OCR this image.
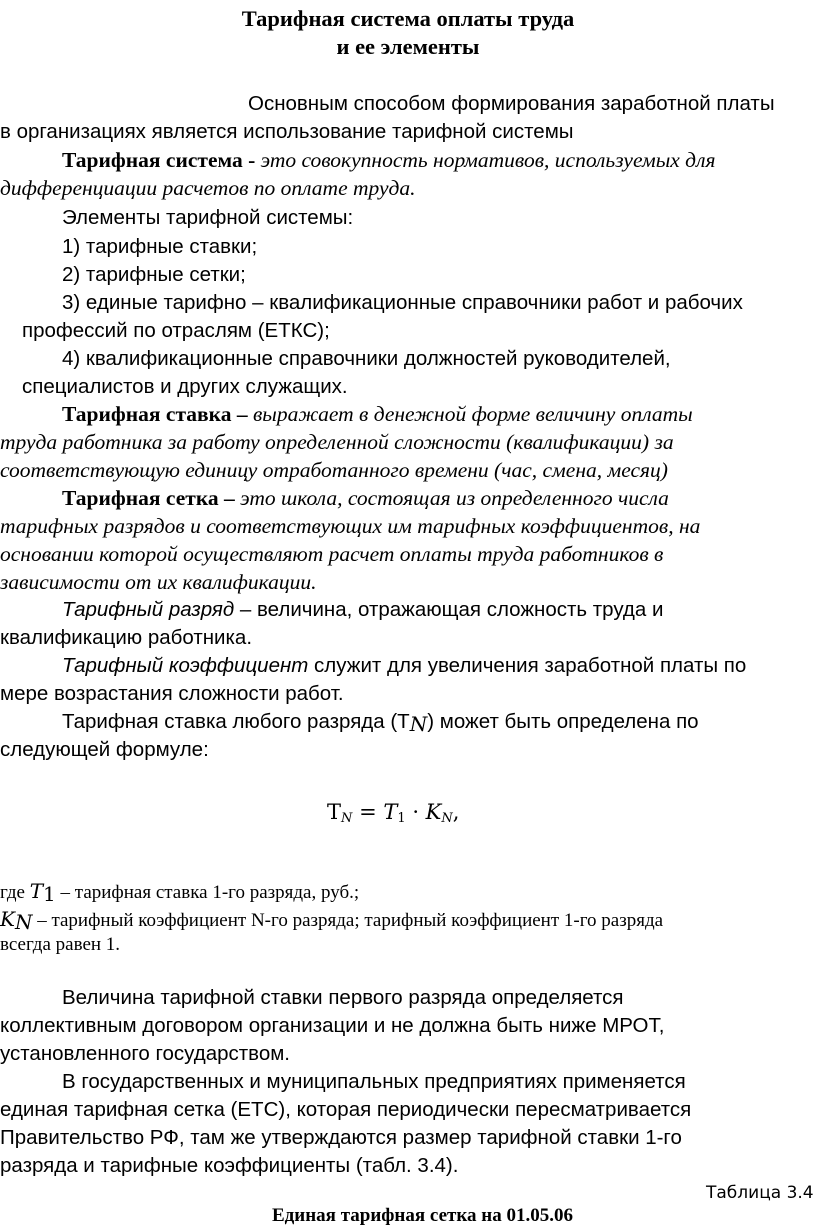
Тарифная система оплаты труда
и ее элементы
Основным способом формирования заработной платы
в организациях является использование тарифной системы
Тарифная система - это совокупность нормативов, используемых для
дифференциации расчетов по оплате труда.
Элементы тарифной системы:
1) тарифные ставки;
2) тарифные сетки;
3) единые тарифно – квалификационные справочники работ и рабочих
профессий по отраслям (ЕТКС);
4) квалификационные справочники должностей руководителей,
специалистов и других служащих.
Тарифная ставка – выражает в денежной форме величину оплаты
труда работника за работу определенной сложности (квалификации) за
соответствующую единицу отработанного времени (час, смена, месяц)
Тарифная сетка – это школа, состоящая из определенного числа
тарифных разрядов и соответствующих им тарифных коэффициентов, на
основании которой осуществляют расчет оплаты труда работников в
зависимости от их квалификации.
Тарифный разряд – величина, отражающая сложность труда и
квалификацию работника.
Тарифный коэффициент служит для увеличения заработной платы по
мере возрастания сложности работ.
Тарифная ставка любого разряда $(Т_N)$ может быть определена по
следующей формуле:
$Т_N = T_1 \cdot K_N$,
где $T_1$ – тарифная ставка 1-го разряда, руб.;
$K_N$ – тарифный коэффициент N-го разряда; тарифный коэффициент 1-го разряда
всегда равен 1.
Величина тарифной ставки первого разряда определяется
коллективным договором организации и не должна быть ниже МРОТ,
установленного государством.
В государственных и муниципальных предприятиях применяется
единая тарифная сетка (ЕТС), которая периодически пересматривается
Правительство РФ, там же утверждаются размер тарифной ставки 1-го
разряда и тарифные коэффициенты (табл. 3.4).
Таблица 3.4
Единая тарифная сетка на 01.05.06
